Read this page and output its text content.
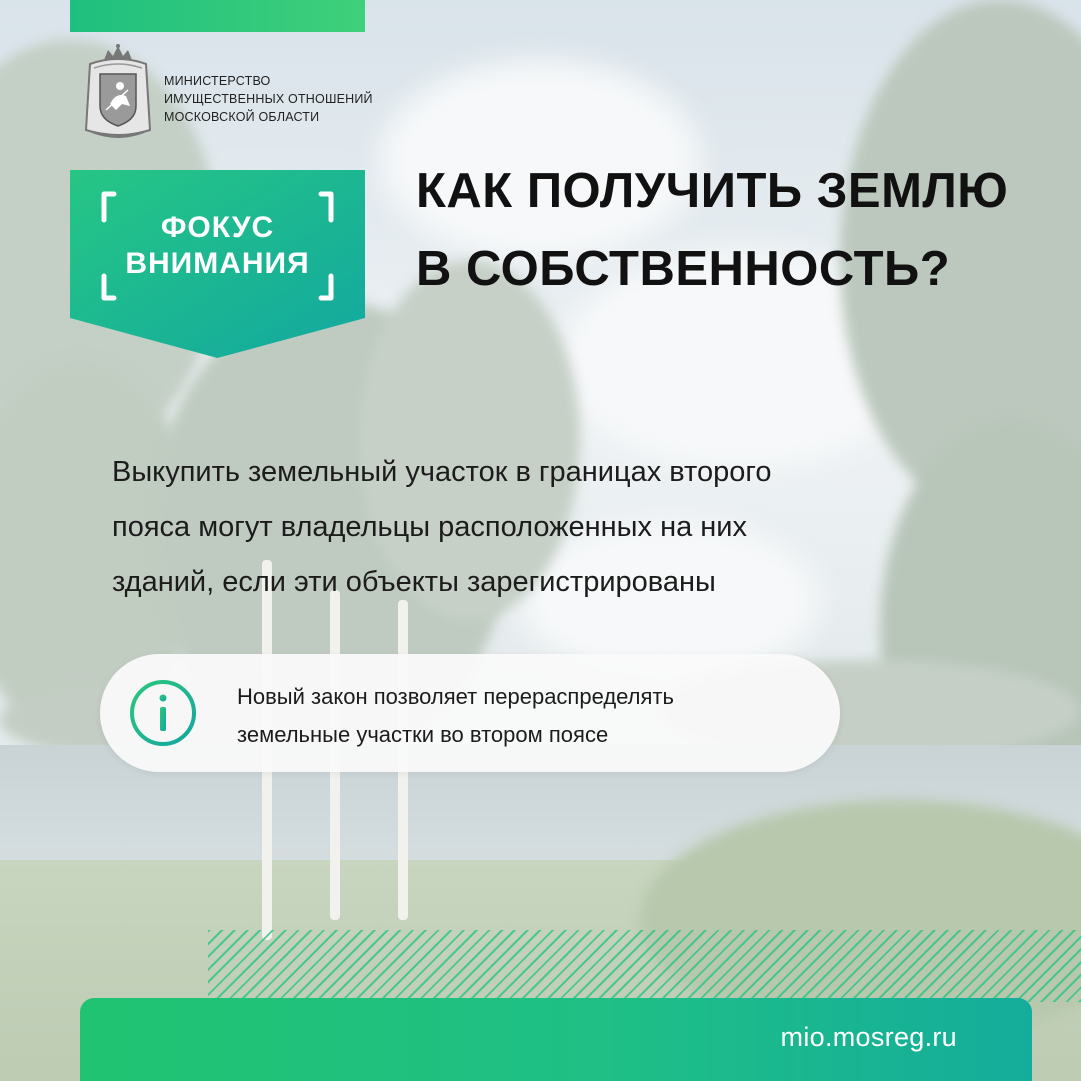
МИНИСТЕРСТВО
ИМУЩЕСТВЕННЫХ ОТНОШЕНИЙ
МОСКОВСКОЙ ОБЛАСТИ
ФОКУС
ВНИМАНИЯ
КАК ПОЛУЧИТЬ ЗЕМЛЮ
В СОБСТВЕННОСТЬ?
Выкупить земельный участок в границах второго
пояса могут владельцы расположенных на них
зданий, если эти объекты зарегистрированы
Новый закон позволяет перераспределять
земельные участки во втором поясе
mio.mosreg.ru
